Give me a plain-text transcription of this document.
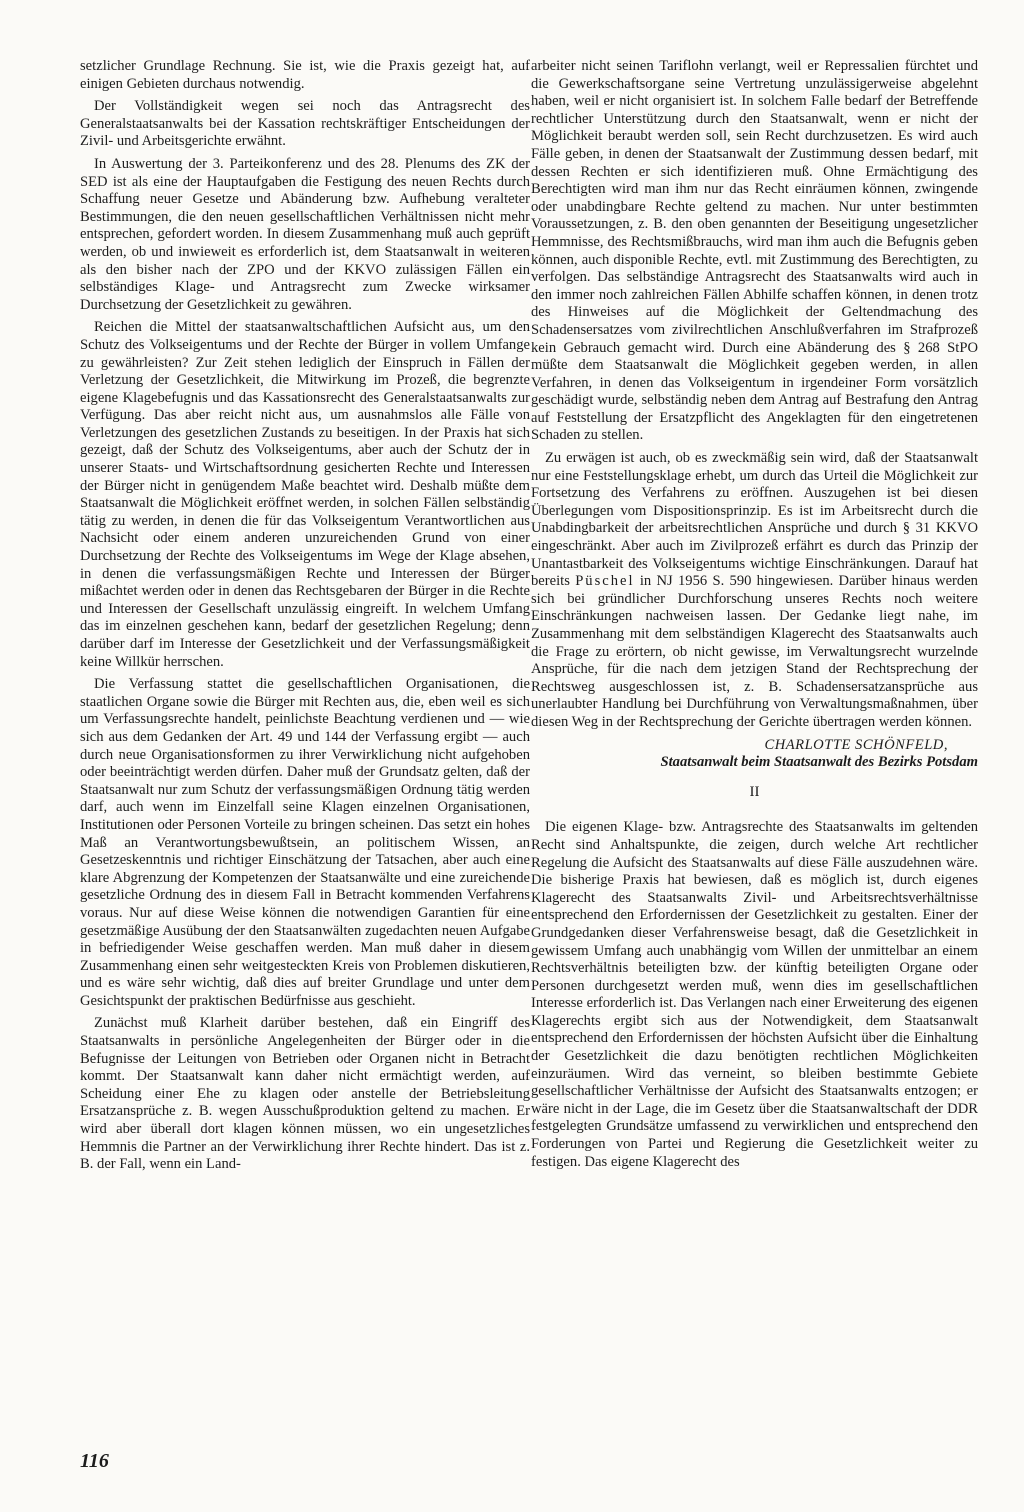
setzlicher Grundlage Rechnung. Sie ist, wie die Praxis gezeigt hat, auf einigen Gebieten durchaus notwendig.

Der Vollständigkeit wegen sei noch das Antragsrecht des Generalstaatsanwalts bei der Kassation rechtskräftiger Entscheidungen der Zivil- und Arbeitsgerichte erwähnt.

In Auswertung der 3. Parteikonferenz und des 28. Plenums des ZK der SED ist als eine der Hauptaufgaben die Festigung des neuen Rechts durch Schaffung neuer Gesetze und Abänderung bzw. Aufhebung veralteter Bestimmungen, die den neuen gesellschaftlichen Verhältnissen nicht mehr entsprechen, gefordert worden. In diesem Zusammenhang muß auch geprüft werden, ob und inwieweit es erforderlich ist, dem Staatsanwalt in weiteren als den bisher nach der ZPO und der KKVO zulässigen Fällen ein selbständiges Klage- und Antragsrecht zum Zwecke wirksamer Durchsetzung der Gesetzlichkeit zu gewähren.

Reichen die Mittel der staatsanwaltschaftlichen Aufsicht aus, um den Schutz des Volkseigentums und der Rechte der Bürger in vollem Umfange zu gewährleisten? Zur Zeit stehen lediglich der Einspruch in Fällen der Verletzung der Gesetzlichkeit, die Mitwirkung im Prozeß, die begrenzte eigene Klagebefugnis und das Kassationsrecht des Generalstaatsanwalts zur Verfügung. Das aber reicht nicht aus, um ausnahmslos alle Fälle von Verletzungen des gesetzlichen Zustands zu beseitigen. In der Praxis hat sich gezeigt, daß der Schutz des Volkseigentums, aber auch der Schutz der in unserer Staats- und Wirtschaftsordnung gesicherten Rechte und Interessen der Bürger nicht in genügendem Maße beachtet wird. Deshalb müßte dem Staatsanwalt die Möglichkeit eröffnet werden, in solchen Fällen selbständig tätig zu werden, in denen die für das Volkseigentum Verantwortlichen aus Nachsicht oder einem anderen unzureichenden Grund von einer Durchsetzung der Rechte des Volkseigentums im Wege der Klage absehen, in denen die verfassungsmäßigen Rechte und Interessen der Bürger mißachtet werden oder in denen das Rechtsgebaren der Bürger in die Rechte und Interessen der Gesellschaft unzulässig eingreift. In welchem Umfang das im einzelnen geschehen kann, bedarf der gesetzlichen Regelung; denn darüber darf im Interesse der Gesetzlichkeit und der Verfassungsmäßigkeit keine Willkür herrschen.

Die Verfassung stattet die gesellschaftlichen Organisationen, die staatlichen Organe sowie die Bürger mit Rechten aus, die, eben weil es sich um Verfassungsrechte handelt, peinlichste Beachtung verdienen und — wie sich aus dem Gedanken der Art. 49 und 144 der Verfassung ergibt — auch durch neue Organisationsformen zu ihrer Verwirklichung nicht aufgehoben oder beeinträchtigt werden dürfen. Daher muß der Grundsatz gelten, daß der Staatsanwalt nur zum Schutz der verfassungsmäßigen Ordnung tätig werden darf, auch wenn im Einzelfall seine Klagen einzelnen Organisationen, Institutionen oder Personen Vorteile zu bringen scheinen. Das setzt ein hohes Maß an Verantwortungsbewußtsein, an politischem Wissen, an Gesetzeskenntnis und richtiger Einschätzung der Tatsachen, aber auch eine klare Abgrenzung der Kompetenzen der Staatsanwälte und eine zureichende gesetzliche Ordnung des in diesem Fall in Betracht kommenden Verfahrens voraus. Nur auf diese Weise können die notwendigen Garantien für eine gesetzmäßige Ausübung der den Staatsanwälten zugedachten neuen Aufgabe in befriedigender Weise geschaffen werden. Man muß daher in diesem Zusammenhang einen sehr weitgesteckten Kreis von Problemen diskutieren, und es wäre sehr wichtig, daß dies auf breiter Grundlage und unter dem Gesichtspunkt der praktischen Bedürfnisse aus geschieht.

Zunächst muß Klarheit darüber bestehen, daß ein Eingriff des Staatsanwalts in persönliche Angelegenheiten der Bürger oder in die Befugnisse der Leitungen von Betrieben oder Organen nicht in Betracht kommt. Der Staatsanwalt kann daher nicht ermächtigt werden, auf Scheidung einer Ehe zu klagen oder anstelle der Betriebsleitung Ersatzansprüche z. B. wegen Ausschußproduktion geltend zu machen. Er wird aber überall dort klagen können müssen, wo ein ungesetzliches Hemmnis die Partner an der Verwirklichung ihrer Rechte hindert. Das ist z. B. der Fall, wenn ein Land-

arbeiter nicht seinen Tariflohn verlangt, weil er Repressalien fürchtet und die Gewerkschaftsorgane seine Vertretung unzulässigerweise abgelehnt haben, weil er nicht organisiert ist. In solchem Falle bedarf der Betreffende rechtlicher Unterstützung durch den Staatsanwalt, wenn er nicht der Möglichkeit beraubt werden soll, sein Recht durchzusetzen. Es wird auch Fälle geben, in denen der Staatsanwalt der Zustimmung dessen bedarf, mit dessen Rechten er sich identifizieren muß. Ohne Ermächtigung des Berechtigten wird man ihm nur das Recht einräumen können, zwingende oder unabdingbare Rechte geltend zu machen. Nur unter bestimmten Voraussetzungen, z. B. den oben genannten der Beseitigung ungesetzlicher Hemmnisse, des Rechtsmißbrauchs, wird man ihm auch die Befugnis geben können, auch disponible Rechte, evtl. mit Zustimmung des Berechtigten, zu verfolgen. Das selbständige Antragsrecht des Staatsanwalts wird auch in den immer noch zahlreichen Fällen Abhilfe schaffen können, in denen trotz des Hinweises auf die Möglichkeit der Geltendmachung des Schadensersatzes vom zivilrechtlichen Anschlußverfahren im Strafprozeß kein Gebrauch gemacht wird. Durch eine Abänderung des § 268 StPO müßte dem Staatsanwalt die Möglichkeit gegeben werden, in allen Verfahren, in denen das Volkseigentum in irgendeiner Form vorsätzlich geschädigt wurde, selbständig neben dem Antrag auf Bestrafung den Antrag auf Feststellung der Ersatzpflicht des Angeklagten für den eingetretenen Schaden zu stellen.

Zu erwägen ist auch, ob es zweckmäßig sein wird, daß der Staatsanwalt nur eine Feststellungsklage erhebt, um durch das Urteil die Möglichkeit zur Fortsetzung des Verfahrens zu eröffnen. Auszugehen ist bei diesen Überlegungen vom Dispositionsprinzip. Es ist im Arbeitsrecht durch die Unabdingbarkeit der arbeitsrechtlichen Ansprüche und durch § 31 KKVO eingeschränkt. Aber auch im Zivilprozeß erfährt es durch das Prinzip der Unantastbarkeit des Volkseigentums wichtige Einschränkungen. Darauf hat bereits Püschel in NJ 1956 S. 590 hingewiesen. Darüber hinaus werden sich bei gründlicher Durchforschung unseres Rechts noch weitere Einschränkungen nachweisen lassen. Der Gedanke liegt nahe, im Zusammenhang mit dem selbständigen Klagerecht des Staatsanwalts auch die Frage zu erörtern, ob nicht gewisse, im Verwaltungsrecht wurzelnde Ansprüche, für die nach dem jetzigen Stand der Rechtsprechung der Rechtsweg ausgeschlossen ist, z. B. Schadensersatzansprüche aus unerlaubter Handlung bei Durchführung von Verwaltungsmaßnahmen, über diesen Weg in der Rechtsprechung der Gerichte übertragen werden können.

CHARLOTTE SCHÖNFELD,

Staatsanwalt beim Staatsanwalt des Bezirks Potsdam

II

Die eigenen Klage- bzw. Antragsrechte des Staatsanwalts im geltenden Recht sind Anhaltspunkte, die zeigen, durch welche Art rechtlicher Regelung die Aufsicht des Staatsanwalts auf diese Fälle auszudehnen wäre. Die bisherige Praxis hat bewiesen, daß es möglich ist, durch eigenes Klagerecht des Staatsanwalts Zivil- und Arbeitsrechtsverhältnisse entsprechend den Erfordernissen der Gesetzlichkeit zu gestalten. Einer der Grundgedanken dieser Verfahrensweise besagt, daß die Gesetzlichkeit in gewissem Umfang auch unabhängig vom Willen der unmittelbar an einem Rechtsverhältnis beteiligten bzw. der künftig beteiligten Organe oder Personen durchgesetzt werden muß, wenn dies im gesellschaftlichen Interesse erforderlich ist. Das Verlangen nach einer Erweiterung des eigenen Klagerechts ergibt sich aus der Notwendigkeit, dem Staatsanwalt entsprechend den Erfordernissen der höchsten Aufsicht über die Einhaltung der Gesetzlichkeit die dazu benötigten rechtlichen Möglichkeiten einzuräumen. Wird das verneint, so bleiben bestimmte Gebiete gesellschaftlicher Verhältnisse der Aufsicht des Staatsanwalts entzogen; er wäre nicht in der Lage, die im Gesetz über die Staatsanwaltschaft der DDR festgelegten Grundsätze umfassend zu verwirklichen und entsprechend den Forderungen von Partei und Regierung die Gesetzlichkeit weiter zu festigen. Das eigene Klagerecht des

116
